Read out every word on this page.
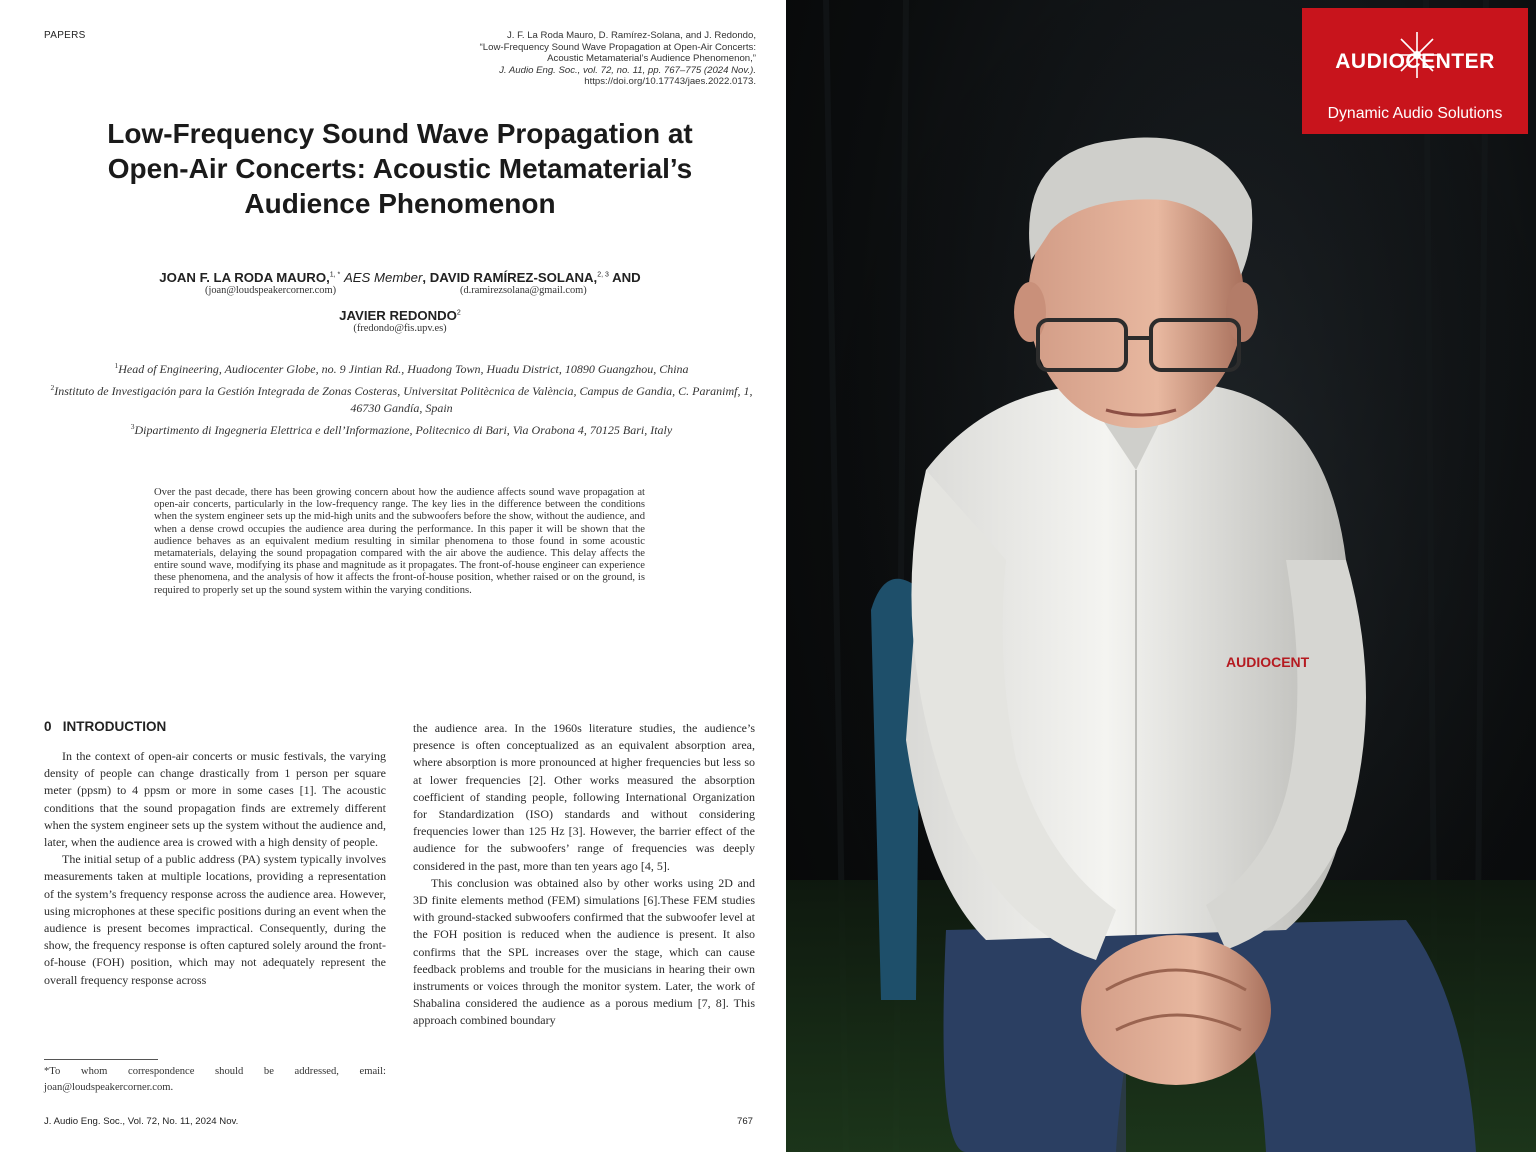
PAPERS	J. F. La Roda Mauro, D. Ramírez-Solana, and J. Redondo,
“Low-Frequency Sound Wave Propagation at Open-Air Concerts:
Acoustic Metamaterial’s Audience Phenomenon,”
J. Audio Eng. Soc., vol. 72, no. 11, pp. 767–775 (2024 Nov.).
https://doi.org/10.17743/jaes.2022.0173.
Low-Frequency Sound Wave Propagation at
Open-Air Concerts: Acoustic Metamaterial’s
Audience Phenomenon
JOAN F. LA RODA MAURO,$^{1, *}$ AES Member, DAVID RAMÍREZ-SOLANA,$^{2, 3}$ AND
(joan@loudspeakercorner.com)	(d.ramirezsolana@gmail.com)
JAVIER REDONDO$^2$
(fredondo@fis.upv.es)
$^1$Head of Engineering, Audiocenter Globe, no. 9 Jintian Rd., Huadong Town, Huadu District, 10890 Guangzhou, China
$^2$Instituto de Investigación para la Gestión Integrada de Zonas Costeras, Universitat Politècnica de València, Campus de Gandia, C. Paranimf, 1, 46730 Gandía, Spain
$^3$Dipartimento di Ingegneria Elettrica e dell’Informazione, Politecnico di Bari, Via Orabona 4, 70125 Bari, Italy
Over the past decade, there has been growing concern about how the audience affects sound wave propagation at open-air concerts, particularly in the low-frequency range. The key lies in the difference between the conditions when the system engineer sets up the mid-high units and the subwoofers before the show, without the audience, and when a dense crowd occupies the audience area during the performance. In this paper it will be shown that the audience behaves as an equivalent medium resulting in similar phenomena to those found in some acoustic metamaterials, delaying the sound propagation compared with the air above the audience. This delay affects the entire sound wave, modifying its phase and magnitude as it propagates. The front-of-house engineer can experience these phenomena, and the analysis of how it affects the front-of-house position, whether raised or on the ground, is required to properly set up the sound system within the varying conditions.
0   INTRODUCTION

In the context of open-air concerts or music festivals, the varying density of people can change drastically from 1 person per square meter (ppsm) to 4 ppsm or more in some cases [1]. The acoustic conditions that the sound propagation finds are extremely different when the system engineer sets up the system without the audience and, later, when the audience area is crowed with a high density of people.

The initial setup of a public address (PA) system typically involves measurements taken at multiple locations, providing a representation of the system’s frequency response across the audience area. However, using microphones at these specific positions during an event when the audience is present becomes impractical. Consequently, during the show, the frequency response is often captured solely around the front-of-house (FOH) position, which may not adequately represent the overall frequency response across

the audience area. In the 1960s literature studies, the audience’s presence is often conceptualized as an equivalent absorption area, where absorption is more pronounced at higher frequencies but less so at lower frequencies [2]. Other works measured the absorption coefficient of standing people, following International Organization for Standardization (ISO) standards and without considering frequencies lower than 125 Hz [3]. However, the barrier effect of the audience for the subwoofers’ range of frequencies was deeply considered in the past, more than ten years ago [4, 5].

This conclusion was obtained also by other works using 2D and 3D finite elements method (FEM) simulations [6].These FEM studies with ground-stacked subwoofers confirmed that the subwoofer level at the FOH position is reduced when the audience is present. It also confirms that the SPL increases over the stage, which can cause feedback problems and trouble for the musicians in hearing their own instruments or voices through the monitor system. Later, the work of Shabalina considered the audience as a porous medium [7, 8]. This approach combined boundary

*To whom correspondence should be addressed, email: joan@loudspeakercorner.com.
J. Audio Eng. Soc., Vol. 72, No. 11, 2024 Nov.	767
AUDIOCENT
AUDIOCENTER
Dynamic Audio Solutions
